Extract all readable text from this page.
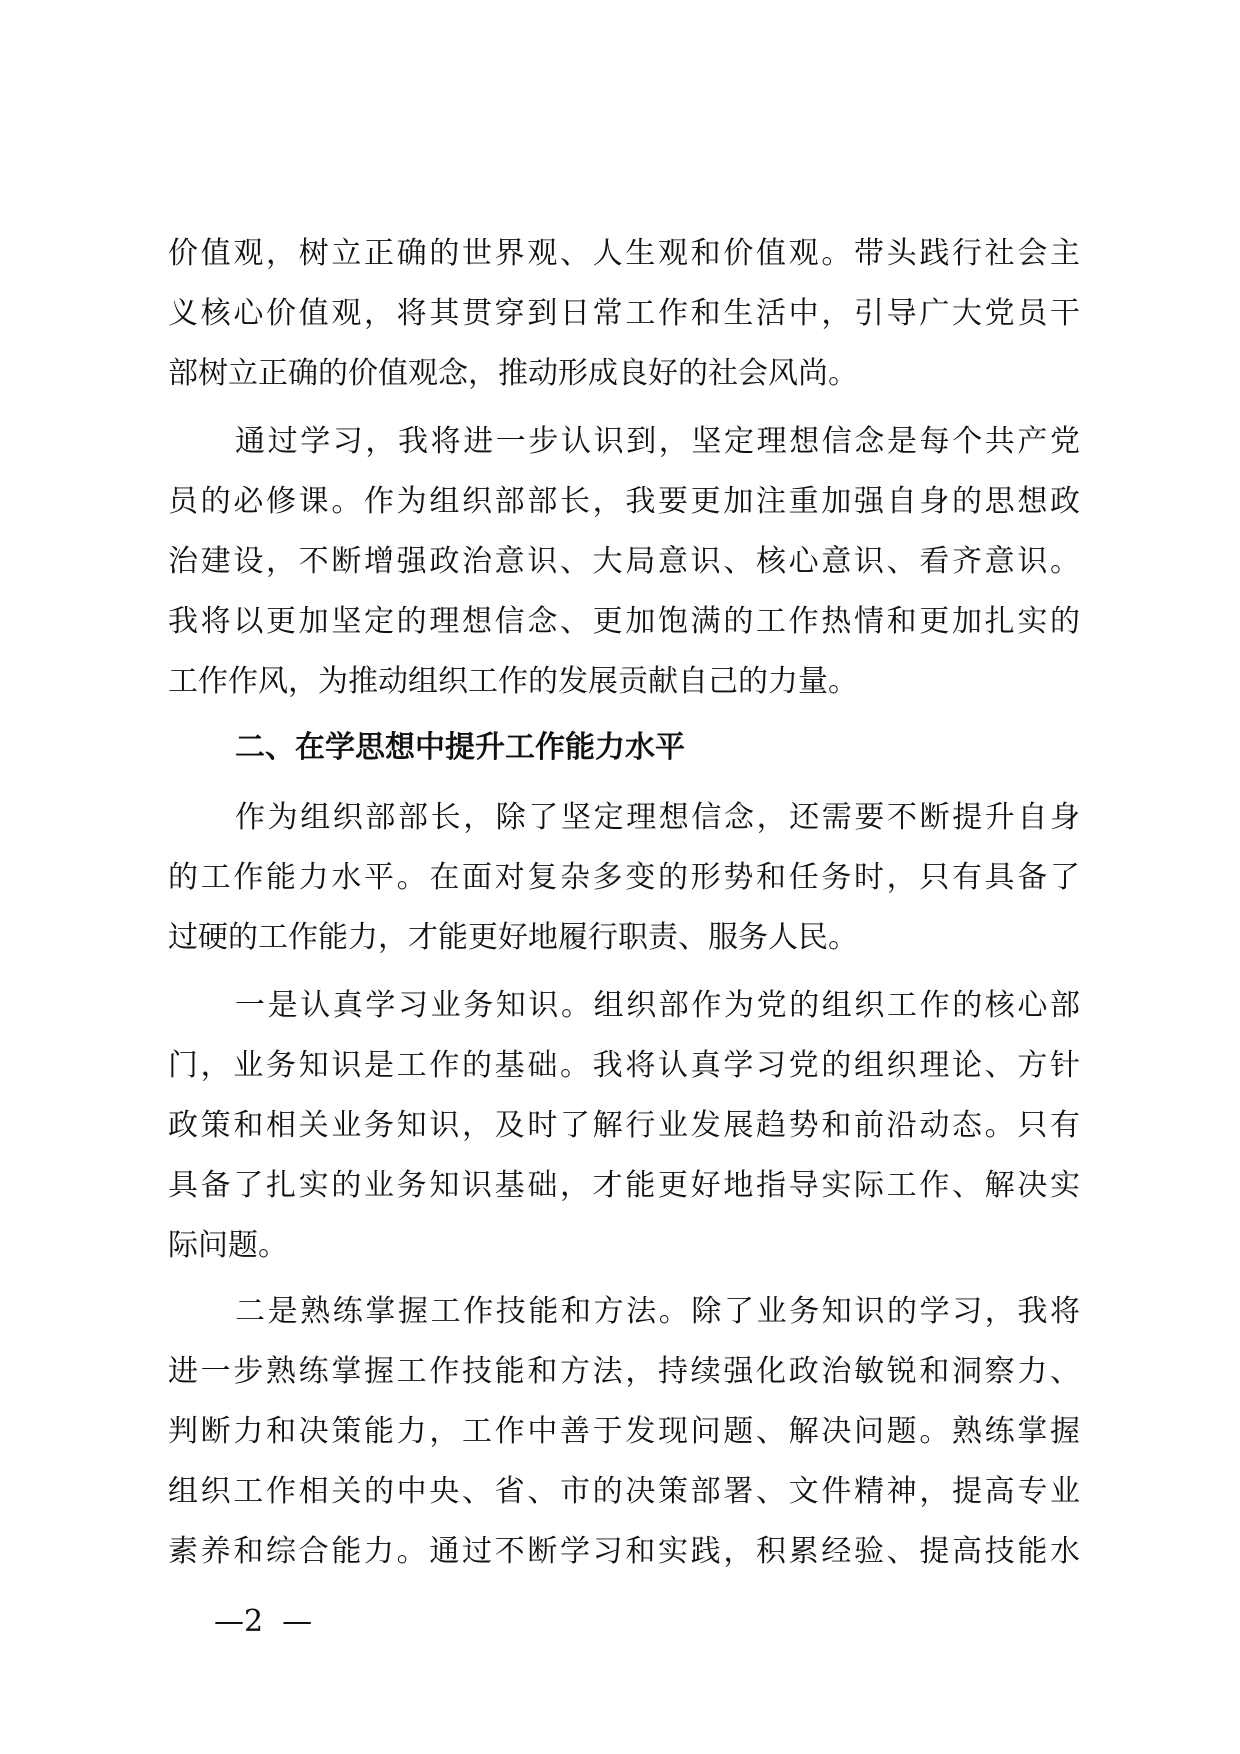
价值观，树立正确的世界观、人生观和价值观。带头践行社会主
义核心价值观，将其贯穿到日常工作和生活中，引导广大党员干
部树立正确的价值观念，推动形成良好的社会风尚。
通过学习，我将进一步认识到，坚定理想信念是每个共产党
员的必修课。作为组织部部长，我要更加注重加强自身的思想政
治建设，不断增强政治意识、大局意识、核心意识、看齐意识。
我将以更加坚定的理想信念、更加饱满的工作热情和更加扎实的
工作作风，为推动组织工作的发展贡献自己的力量。
二、在学思想中提升工作能力水平
作为组织部部长，除了坚定理想信念，还需要不断提升自身
的工作能力水平。在面对复杂多变的形势和任务时，只有具备了
过硬的工作能力，才能更好地履行职责、服务人民。
一是认真学习业务知识。组织部作为党的组织工作的核心部
门，业务知识是工作的基础。我将认真学习党的组织理论、方针
政策和相关业务知识，及时了解行业发展趋势和前沿动态。只有
具备了扎实的业务知识基础，才能更好地指导实际工作、解决实
际问题。
二是熟练掌握工作技能和方法。除了业务知识的学习，我将
进一步熟练掌握工作技能和方法，持续强化政治敏锐和洞察力、
判断力和决策能力，工作中善于发现问题、解决问题。熟练掌握
组织工作相关的中央、省、市的决策部署、文件精神，提高专业
素养和综合能力。通过不断学习和实践，积累经验、提高技能水
—2  —
